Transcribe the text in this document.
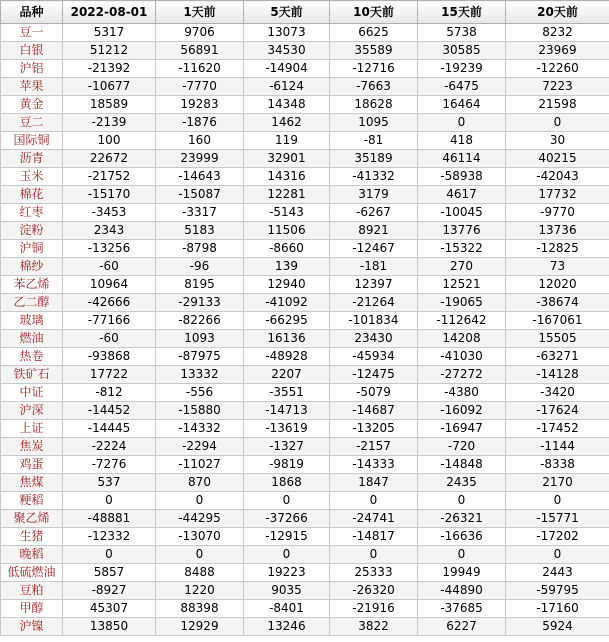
品种	2022-08-01	1天前	5天前	10天前	15天前	20天前
豆一	5317	9706	13073	6625	5738	8232
白银	51212	56891	34530	35589	30585	23969
沪铝	-21392	-11620	-14904	-12716	-19239	-12260
苹果	-10677	-7770	-6124	-7663	-6475	7223
黄金	18589	19283	14348	18628	16464	21598
豆二	-2139	-1876	1462	1095	0	0
国际铜	100	160	119	-81	418	30
沥青	22672	23999	32901	35189	46114	40215
玉米	-21752	-14643	14316	-41332	-58938	-42043
棉花	-15170	-15087	12281	3179	4617	17732
红枣	-3453	-3317	-5143	-6267	-10045	-9770
淀粉	2343	5183	11506	8921	13776	13736
沪铜	-13256	-8798	-8660	-12467	-15322	-12825
棉纱	-60	-96	139	-181	270	73
苯乙烯	10964	8195	12940	12397	12521	12020
乙二醇	-42666	-29133	-41092	-21264	-19065	-38674
玻璃	-77166	-82266	-66295	-101834	-112642	-167061
燃油	-60	1093	16136	23430	14208	15505
热卷	-93868	-87975	-48928	-45934	-41030	-63271
铁矿石	17722	13332	2207	-12475	-27272	-14128
中证	-812	-556	-3551	-5079	-4380	-3420
沪深	-14452	-15880	-14713	-14687	-16092	-17624
上证	-14445	-14332	-13619	-13205	-16947	-17452
焦炭	-2224	-2294	-1327	-2157	-720	-1144
鸡蛋	-7276	-11027	-9819	-14333	-14848	-8338
焦煤	537	870	1868	1847	2435	2170
粳稻	0	0	0	0	0	0
聚乙烯	-48881	-44295	-37266	-24741	-26321	-15771
生猪	-12332	-13070	-12915	-14817	-16636	-17202
晚稻	0	0	0	0	0	0
低硫燃油	5857	8488	19223	25333	19949	2443
豆粕	-8927	1220	9035	-26320	-44890	-59795
甲醇	45307	88398	-8401	-21916	-37685	-17160
沪镍	13850	12929	13246	3822	6227	5924
